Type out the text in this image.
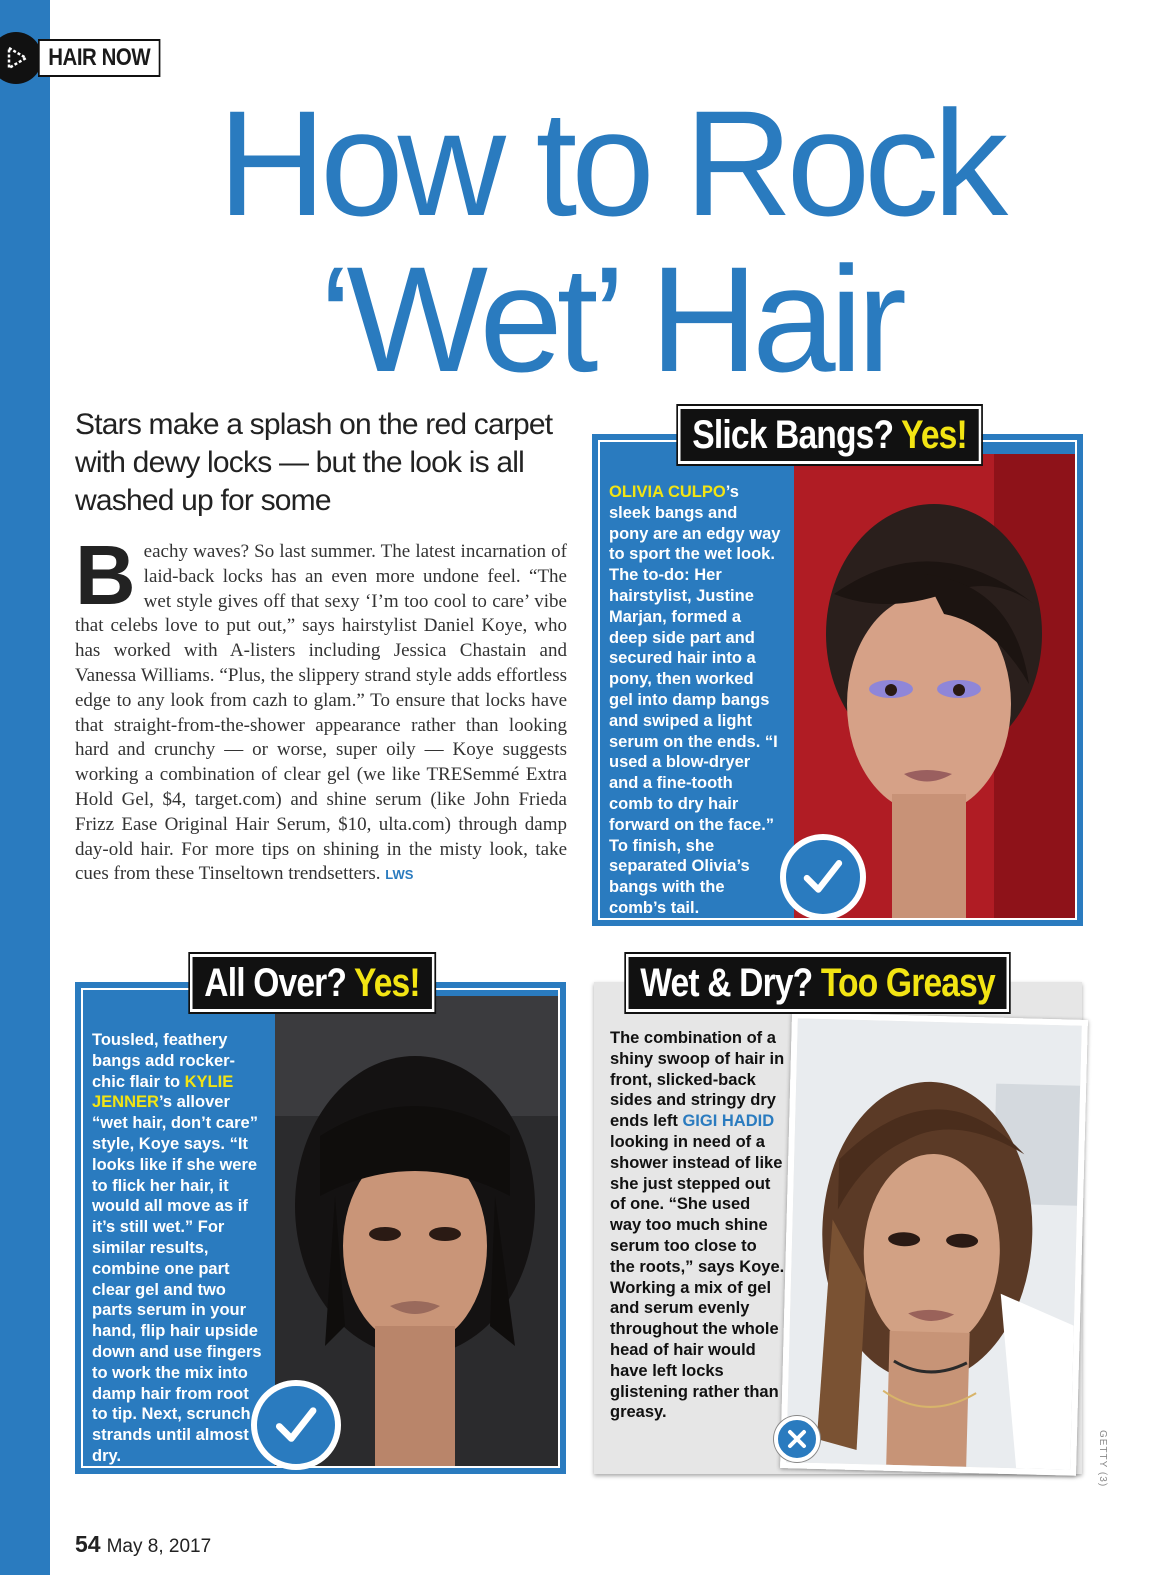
HAIR NOW
How to Rock
‘Wet’ Hair
Stars make a splash on the red carpet with dewy locks — but the look is all washed up for some
Beachy waves? So last summer. The latest incarnation of laid-back locks has an even more undone feel. “The wet style gives off that sexy ‘I’m too cool to care’ vibe that celebs love to put out,” says hairstylist Daniel Koye, who has worked with A-listers including Jessica Chastain and Vanessa Williams. “Plus, the slippery strand style adds effortless edge to any look from cazh to glam.” To ensure that locks have that straight-from-the-shower appearance rather than looking hard and crunchy — or worse, super oily — Koye suggests working a combination of clear gel (we like TRESemmé Extra Hold Gel, $4, target.com) and shine serum (like John Frieda Frizz Ease Original Hair Serum, $10, ulta.com) through damp day-old hair. For more tips on shining in the misty look, take cues from these Tinseltown trendsetters. LWS
OLIVIA CULPO’s sleek bangs and pony are an edgy way to sport the wet look. The to-do: Her hairstylist, Justine Marjan, formed a deep side part and secured hair into a pony, then worked gel into damp bangs and swiped a light serum on the ends. “I used a blow-dryer and a fine-tooth comb to dry hair forward on the face.” To finish, she separated Olivia’s bangs with the comb’s tail.
Slick Bangs? Yes!
Tousled, feathery bangs add rocker-chic flair to KYLIE JENNER’s allover “wet hair, don’t care” style, Koye says. “It looks like if she were to flick her hair, it would all move as if it’s still wet.” For similar results, combine one part clear gel and two parts serum in your hand, flip hair upside down and use fingers to work the mix into damp hair from root to tip. Next, scrunch strands until almost dry.
All Over? Yes!
The combination of a shiny swoop of hair in front, slicked-back sides and stringy dry ends left GIGI HADID looking in need of a shower instead of like she just stepped out of one. “She used way too much shine serum too close to the roots,” says Koye. Working a mix of gel and serum evenly throughout the whole head of hair would have left locks glistening rather than greasy.
Wet & Dry? Too Greasy
GETTY (3)
54 May 8, 2017
